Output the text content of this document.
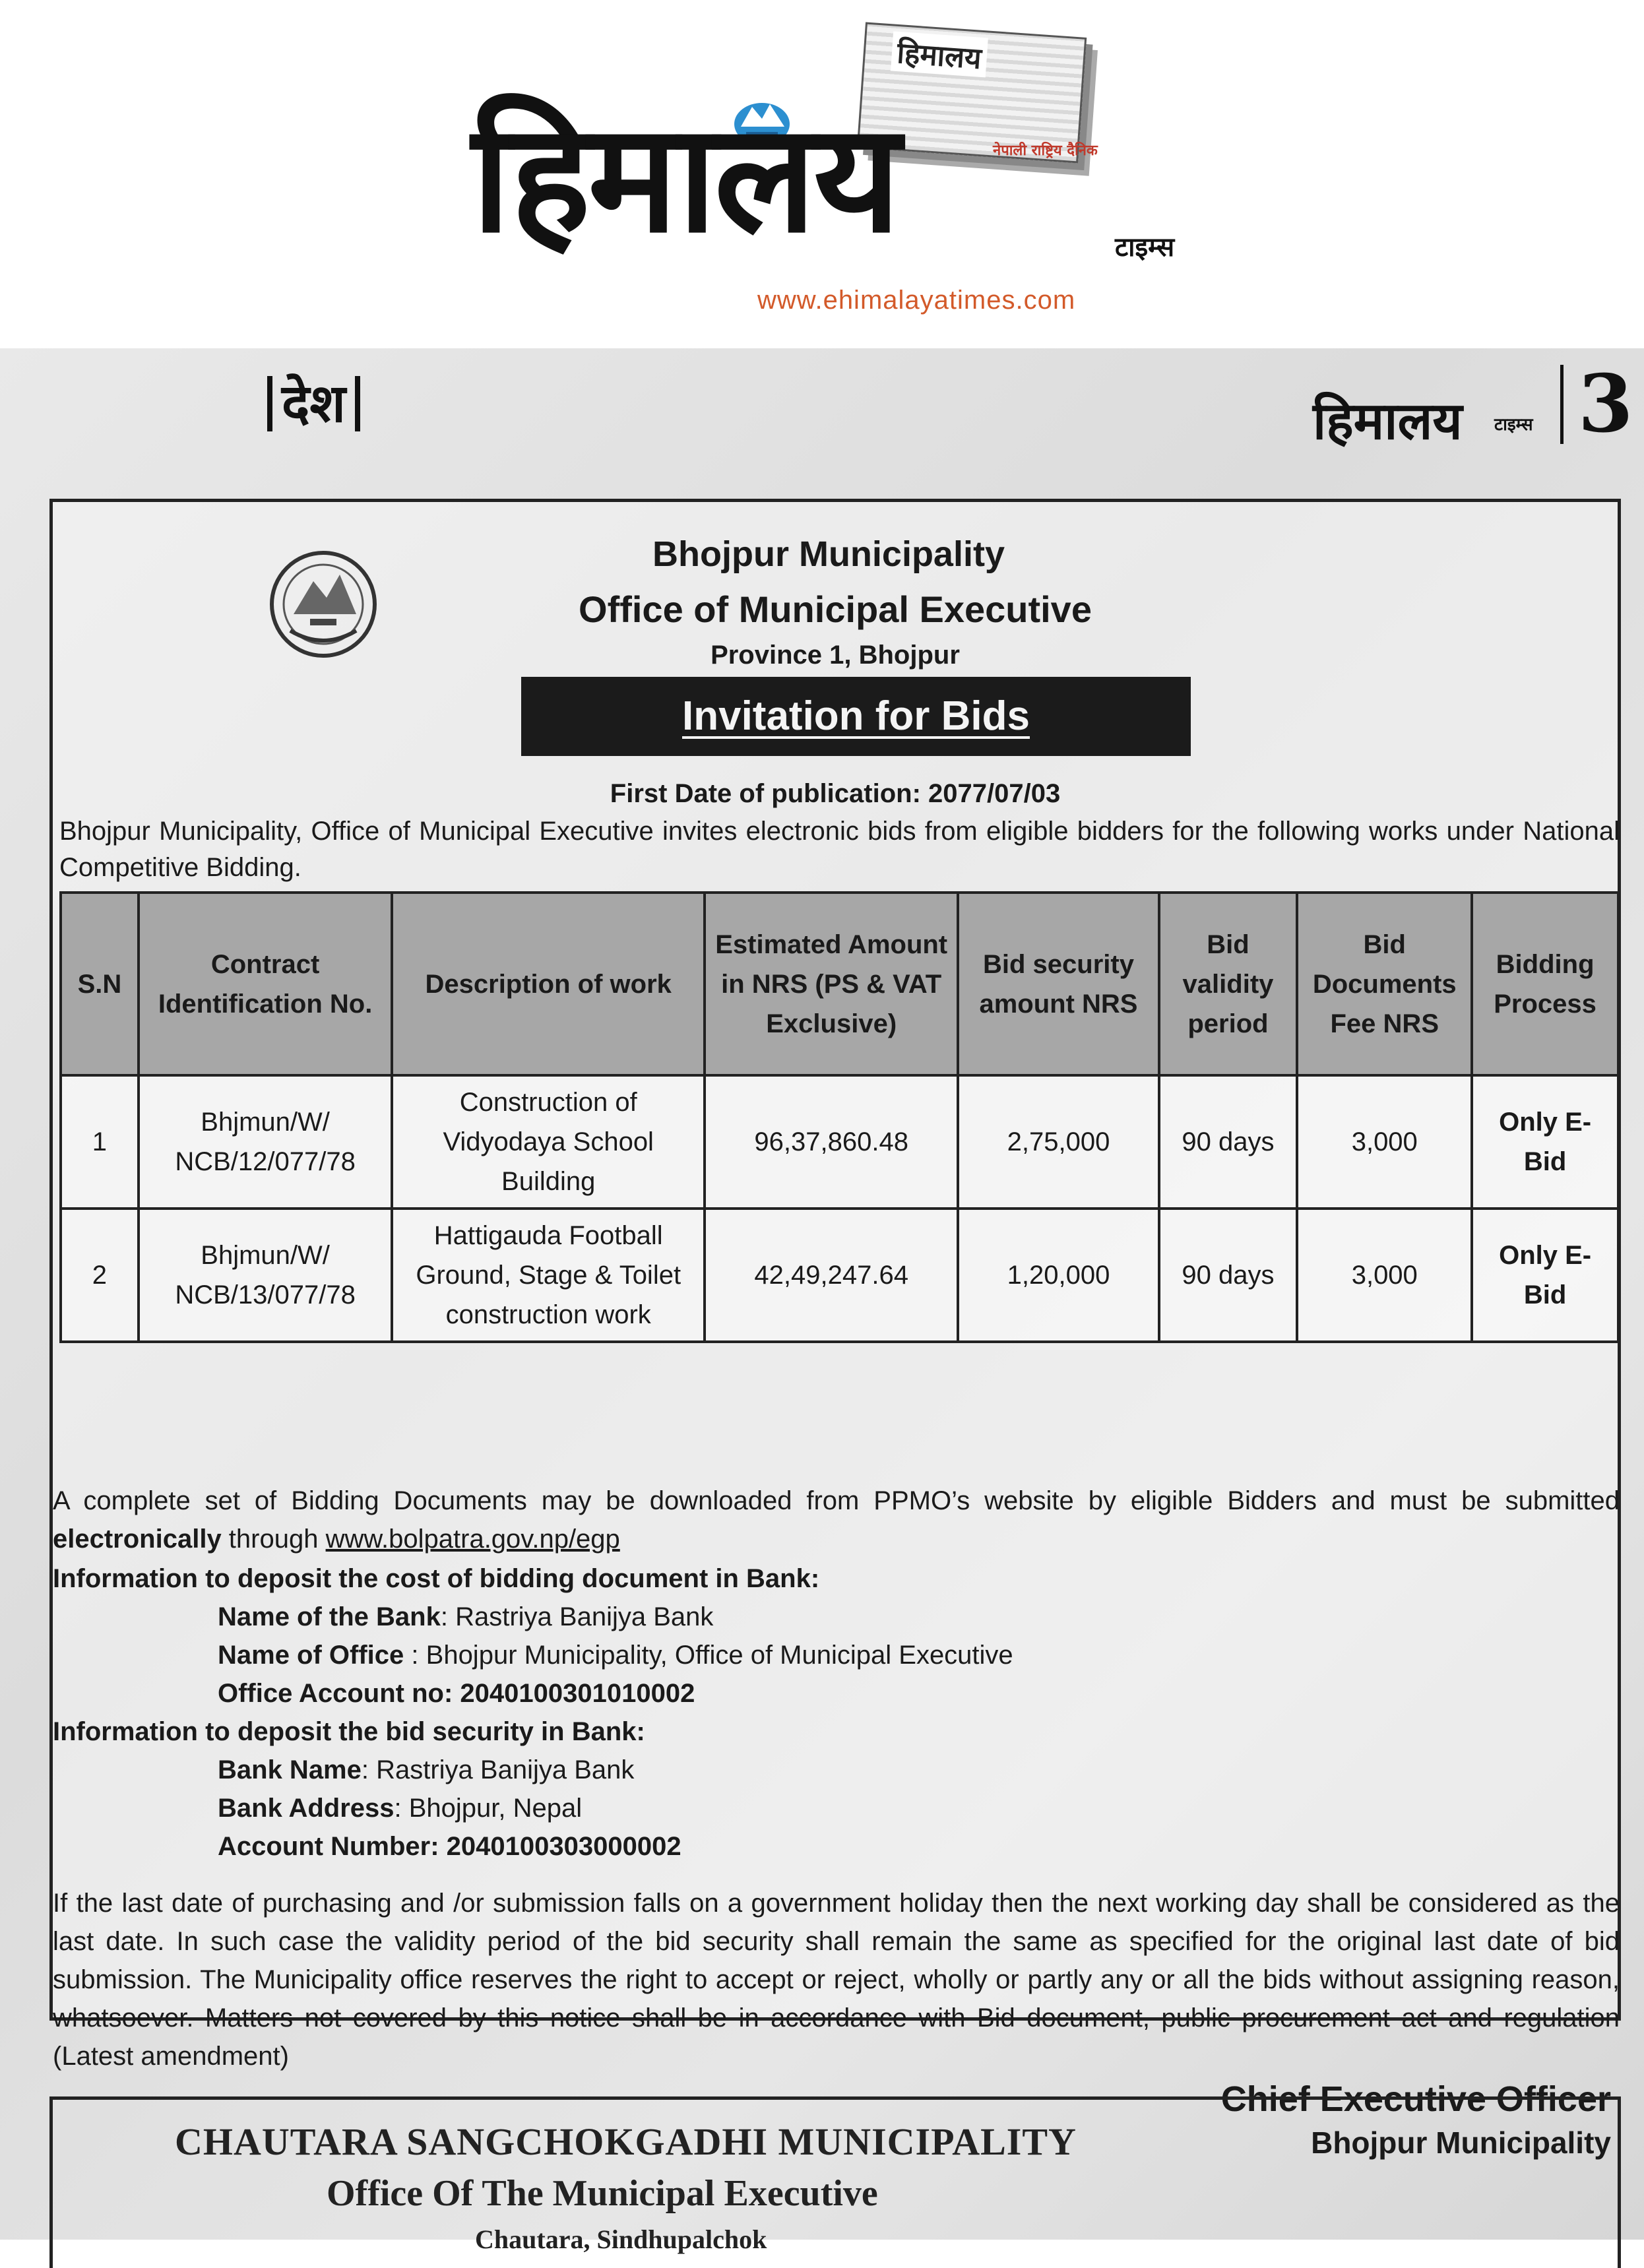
हिमालय
हिमालय	नेपाली राष्ट्रिय दैनिक
टाइम्स
www.ehimalayatimes.com
देश	हिमालय टाइम्स 3
Bhojpur Municipality
Office of Municipal Executive
Province 1, Bhojpur
Invitation for Bids
First Date of publication: 2077/07/03
Bhojpur Municipality, Office of Municipal Executive invites electronic bids from eligible bidders for the following works under National Competitive Bidding.
S.N	Contract Identification No.	Description of work	Estimated Amount in NRS (PS & VAT Exclusive)	Bid security amount NRS	Bid validity period	Bid Documents Fee NRS	Bidding Process
1	Bhjmun/W/ NCB/12/077/78	Construction of Vidyodaya School Building	96,37,860.48	2,75,000	90 days	3,000	Only E-Bid
2	Bhjmun/W/ NCB/13/077/78	Hattigauda Football Ground, Stage & Toilet construction work	42,49,247.64	1,20,000	90 days	3,000	Only E-Bid
A complete set of Bidding Documents may be downloaded from PPMO’s website by eligible Bidders and must be submitted electronically through www.bolpatra.gov.np/egp
Information to deposit the cost of bidding document in Bank:
Name of the Bank: Rastriya Banijya Bank
Name of Office : Bhojpur Municipality, Office of Municipal Executive
Office Account no: 2040100301010002
Information to deposit the bid security in Bank:
Bank Name: Rastriya Banijya Bank
Bank Address: Bhojpur, Nepal
Account Number: 2040100303000002
If the last date of purchasing and /or submission falls on a government holiday then the next working day shall be considered as the last date. In such case the validity period of the bid security shall remain the same as specified for the original last date of bid submission. The Municipality office reserves the right to accept or reject, wholly or partly any or all the bids without assigning reason, whatsoever. Matters not covered by this notice shall be in accordance with Bid document, public procurement act and regulation (Latest amendment)
Chief Executive Officer
Bhojpur Municipality
CHAUTARA SANGCHOKGADHI MUNICIPALITY
Office Of The Municipal Executive
Chautara, Sindhupalchok
